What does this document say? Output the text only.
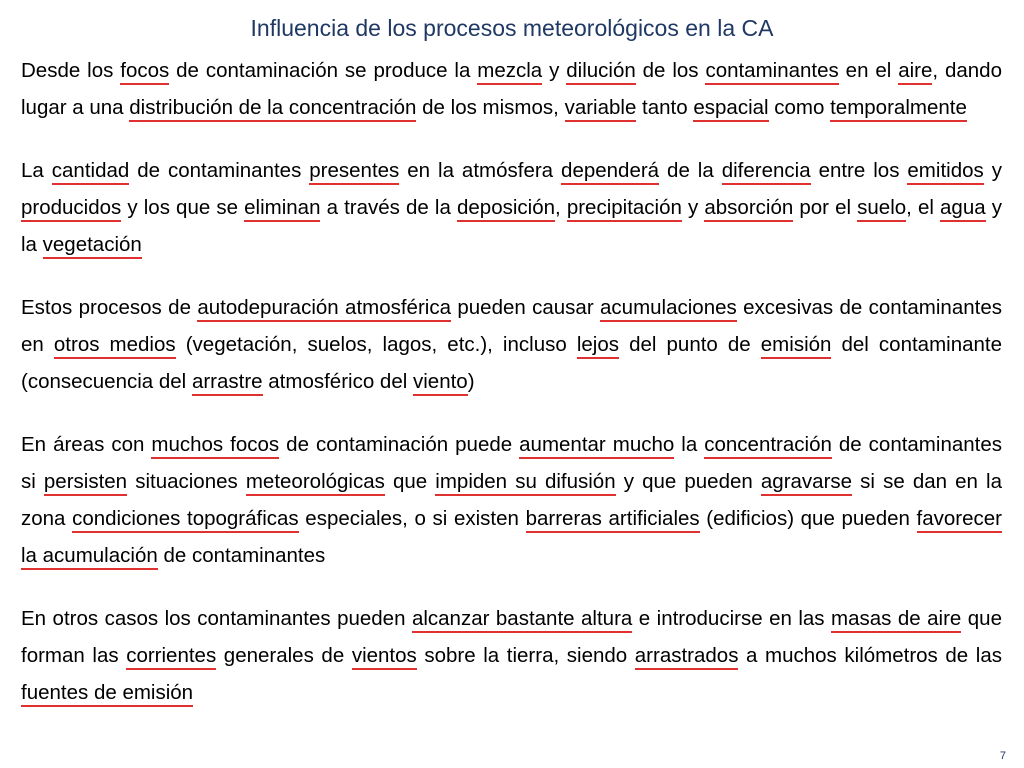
Influencia de los procesos meteorológicos en la CA

Desde los focos de contaminación se produce la mezcla y dilución de los contaminantes en el aire, dando lugar a una distribución de la concentración de los mismos, variable tanto espacial como temporalmente

La cantidad de contaminantes presentes en la atmósfera dependerá de la diferencia entre los emitidos y producidos y los que se eliminan a través de la deposición, precipitación y absorción por el suelo, el agua y la vegetación

Estos procesos de autodepuración atmosférica pueden causar acumulaciones excesivas de contaminantes en otros medios (vegetación, suelos, lagos, etc.), incluso lejos del punto de emisión del contaminante (consecuencia del arrastre atmosférico del viento)

En áreas con muchos focos de contaminación puede aumentar mucho la concentración de contaminantes si persisten situaciones meteorológicas que impiden su difusión y que pueden agravarse si se dan en la zona condiciones topográficas especiales, o si existen barreras artificiales (edificios) que pueden favorecer la acumulación de contaminantes

En otros casos los contaminantes pueden alcanzar bastante altura e introducirse en las masas de aire que forman las corrientes generales de vientos sobre la tierra, siendo arrastrados a muchos kilómetros de las fuentes de emisión

7
